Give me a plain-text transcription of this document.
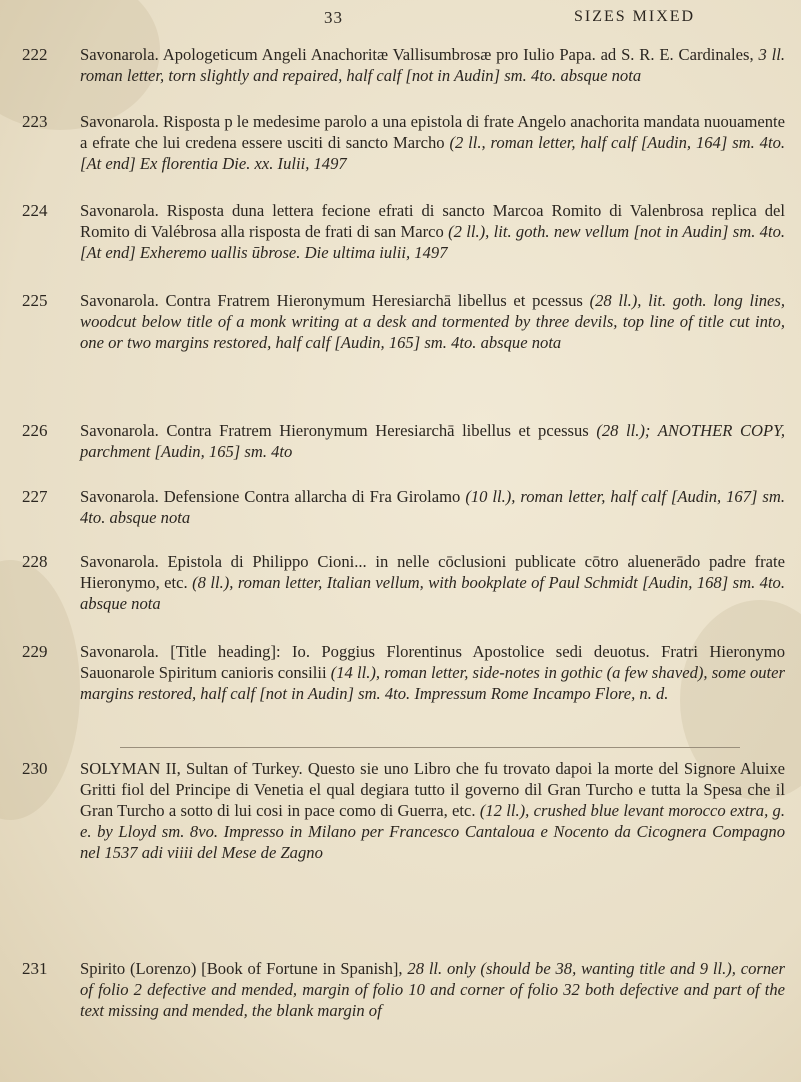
33	SIZES MIXED
222	Savonarola. Apologeticum Angeli Anachoritæ Vallisumbrosæ pro Iulio Papa. ad S. R. E. Cardinales, 3 ll. roman letter, torn slightly and repaired, half calf [not in Audin] sm. 4to. absque nota
223	Savonarola. Risposta p le medesime parolo a una epistola di frate Angelo anachorita mandata nuouamente a efrate che lui credena essere usciti di sancto Marcho (2 ll., roman letter, half calf [Audin, 164] sm. 4to. [At end] Ex florentia Die. xx. Iulii, 1497
224	Savonarola. Risposta duna lettera fecione efrati di sancto Marcoa Romito di Valenbrosa replica del Romito di Valébrosa alla risposta de frati di san Marco (2 ll.), lit. goth. new vellum [not in Audin] sm. 4to. [At end] Exheremo uallis ūbrose. Die ultima iulii, 1497
225	Savonarola. Contra Fratrem Hieronymum Heresiarchā libellus et pcessus (28 ll.), lit. goth. long lines, woodcut below title of a monk writing at a desk and tormented by three devils, top line of title cut into, one or two margins restored, half calf [Audin, 165] sm. 4to. absque nota
226	Savonarola. Contra Fratrem Hieronymum Heresiarchā libellus et pcessus (28 ll.); ANOTHER COPY, parchment [Audin, 165] sm. 4to
227	Savonarola. Defensione Contra allarcha di Fra Girolamo (10 ll.), roman letter, half calf [Audin, 167] sm. 4to. absque nota
228	Savonarola. Epistola di Philippo Cioni... in nelle cōclusioni publicate cōtro aluenerādo padre frate Hieronymo, etc. (8 ll.), roman letter, Italian vellum, with bookplate of Paul Schmidt [Audin, 168] sm. 4to. absque nota
229	Savonarola. [Title heading]: Io. Poggius Florentinus Apostolice sedi deuotus. Fratri Hieronymo Sauonarole Spiritum canioris consilii (14 ll.), roman letter, side-notes in gothic (a few shaved), some outer margins restored, half calf [not in Audin] sm. 4to. Impressum Rome Incampo Flore, n. d.
230	SOLYMAN II, Sultan of Turkey. Questo sie uno Libro che fu trovato dapoi la morte del Signore Aluixe Gritti fiol del Principe di Venetia el qual degiara tutto il governo dil Gran Turcho e tutta la Spesa che il Gran Turcho a sotto di lui cosi in pace como di Guerra, etc. (12 ll.), crushed blue levant morocco extra, g. e. by Lloyd sm. 8vo. Impresso in Milano per Francesco Cantaloua e Nocento da Cicognera Compagno nel 1537 adi viiii del Mese de Zagno
231	Spirito (Lorenzo) [Book of Fortune in Spanish], 28 ll. only (should be 38, wanting title and 9 ll.), corner of folio 2 defective and mended, margin of folio 10 and corner of folio 32 both defective and part of the text missing and mended, the blank margin of
